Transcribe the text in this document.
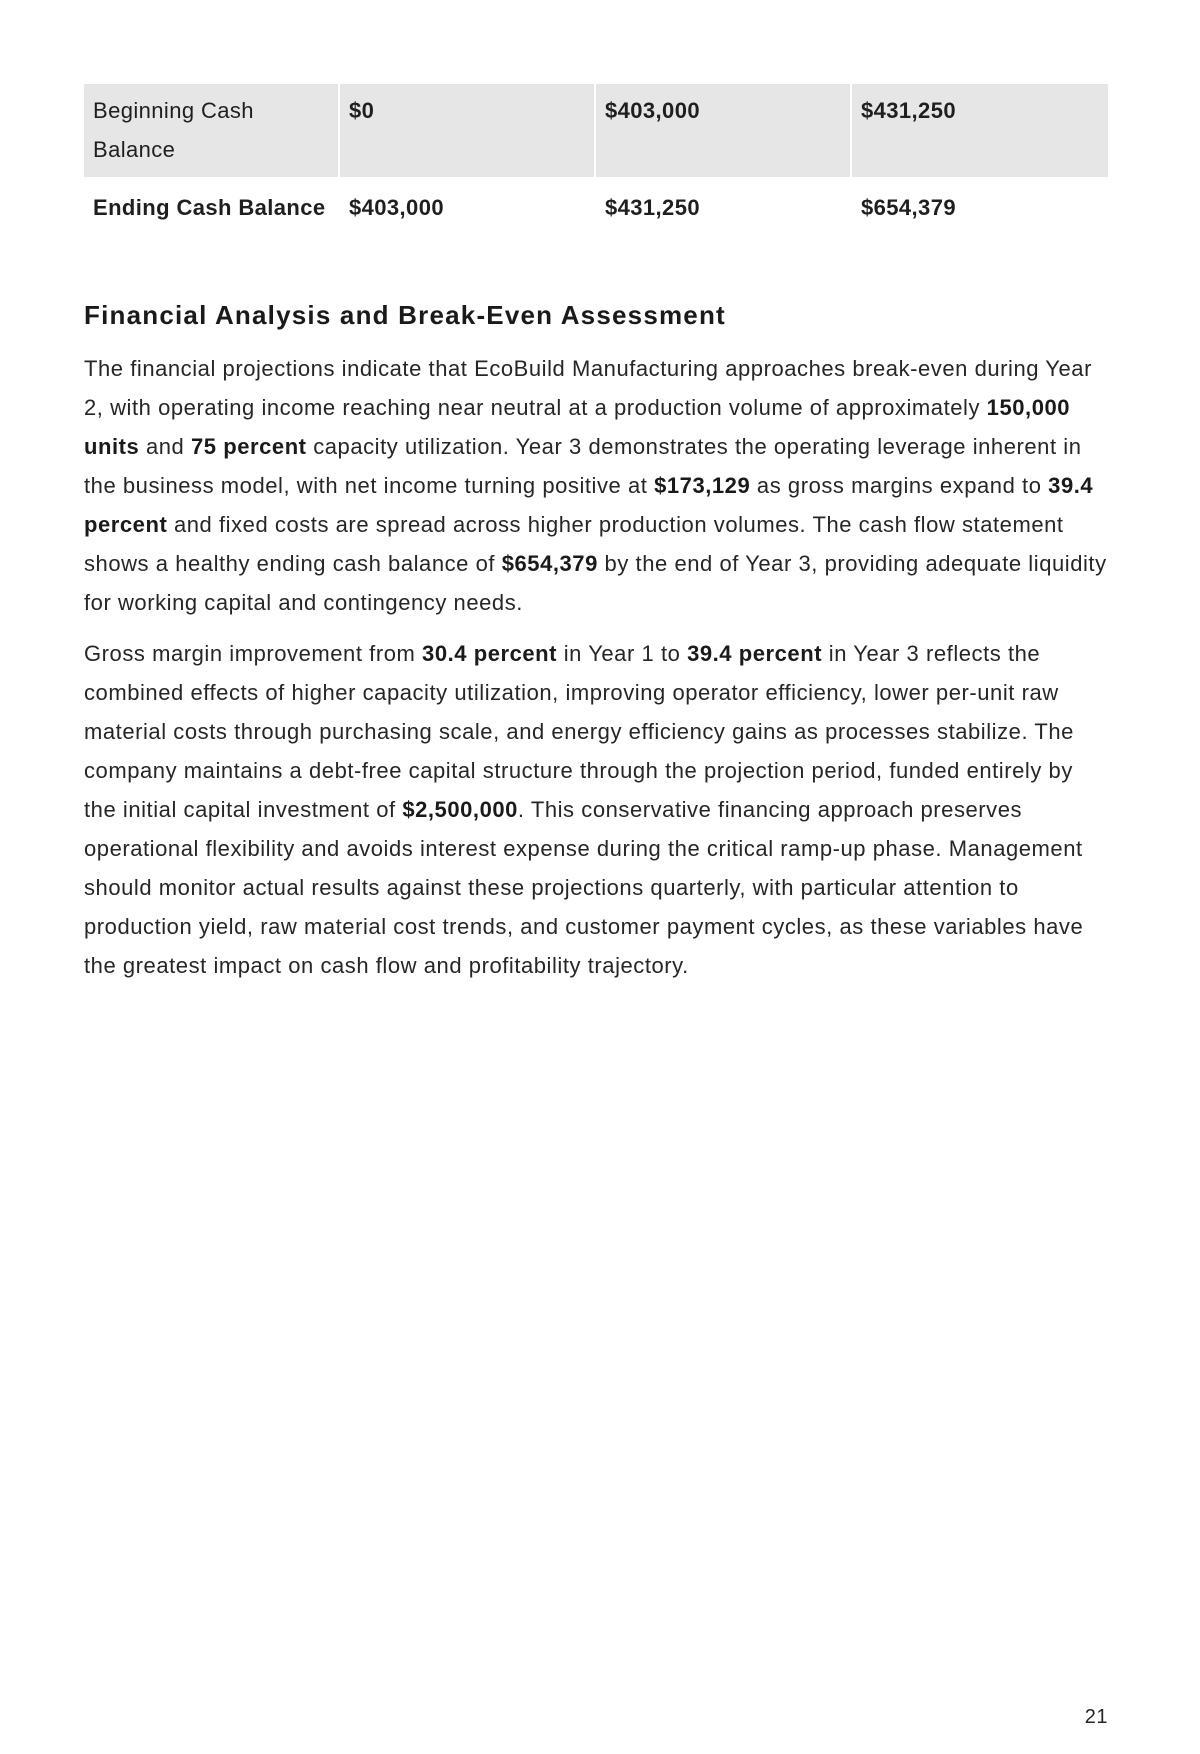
Beginning Cash Balance	$0	$403,000	$431,250
Ending Cash Balance	$403,000	$431,250	$654,379
Financial Analysis and Break-Even Assessment

The financial projections indicate that EcoBuild Manufacturing approaches break-even during Year 2, with operating income reaching near neutral at a production volume of approximately 150,000 units and 75 percent capacity utilization. Year 3 demonstrates the operating leverage inherent in the business model, with net income turning positive at $173,129 as gross margins expand to 39.4 percent and fixed costs are spread across higher production volumes. The cash flow statement shows a healthy ending cash balance of $654,379 by the end of Year 3, providing adequate liquidity for working capital and contingency needs.

Gross margin improvement from 30.4 percent in Year 1 to 39.4 percent in Year 3 reflects the combined effects of higher capacity utilization, improving operator efficiency, lower per-unit raw material costs through purchasing scale, and energy efficiency gains as processes stabilize. The company maintains a debt-free capital structure through the projection period, funded entirely by the initial capital investment of $2,500,000. This conservative financing approach preserves operational flexibility and avoids interest expense during the critical ramp-up phase. Management should monitor actual results against these projections quarterly, with particular attention to production yield, raw material cost trends, and customer payment cycles, as these variables have the greatest impact on cash flow and profitability trajectory.

21
